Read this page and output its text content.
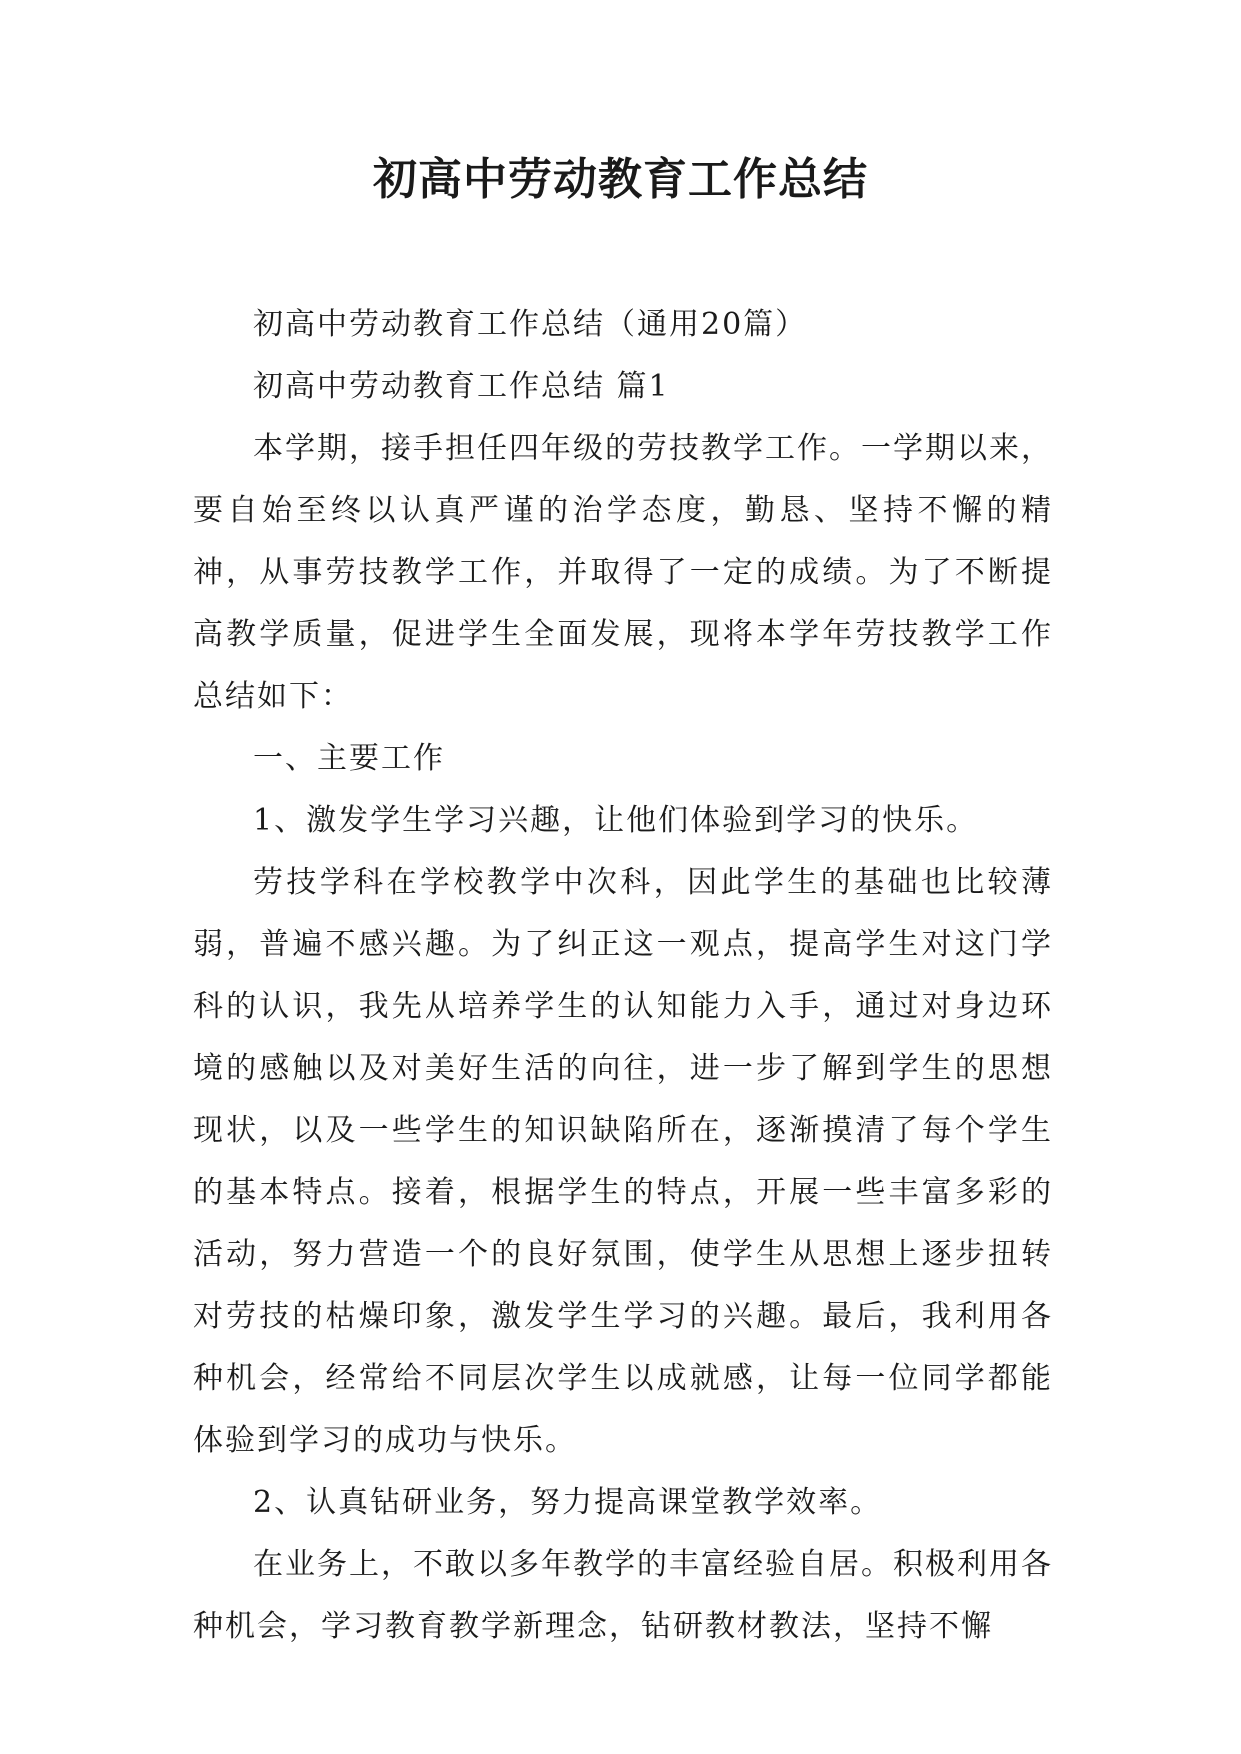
初高中劳动教育工作总结

初高中劳动教育工作总结（通用20篇）

初高中劳动教育工作总结 篇1

本学期，接手担任四年级的劳技教学工作。一学期以来，要自始至终以认真严谨的治学态度，勤恳、坚持不懈的精神，从事劳技教学工作，并取得了一定的成绩。为了不断提高教学质量，促进学生全面发展，现将本学年劳技教学工作总结如下：

一、主要工作

1、激发学生学习兴趣，让他们体验到学习的快乐。

劳技学科在学校教学中次科，因此学生的基础也比较薄弱，普遍不感兴趣。为了纠正这一观点，提高学生对这门学科的认识，我先从培养学生的认知能力入手，通过对身边环境的感触以及对美好生活的向往，进一步了解到学生的思想现状，以及一些学生的知识缺陷所在，逐渐摸清了每个学生的基本特点。接着，根据学生的特点，开展一些丰富多彩的活动，努力营造一个的良好氛围，使学生从思想上逐步扭转对劳技的枯燥印象，激发学生学习的兴趣。最后，我利用各种机会，经常给不同层次学生以成就感，让每一位同学都能体验到学习的成功与快乐。

2、认真钻研业务，努力提高课堂教学效率。

在业务上，不敢以多年教学的丰富经验自居。积极利用各种机会，学习教育教学新理念，钻研教材教法，坚持不懈
